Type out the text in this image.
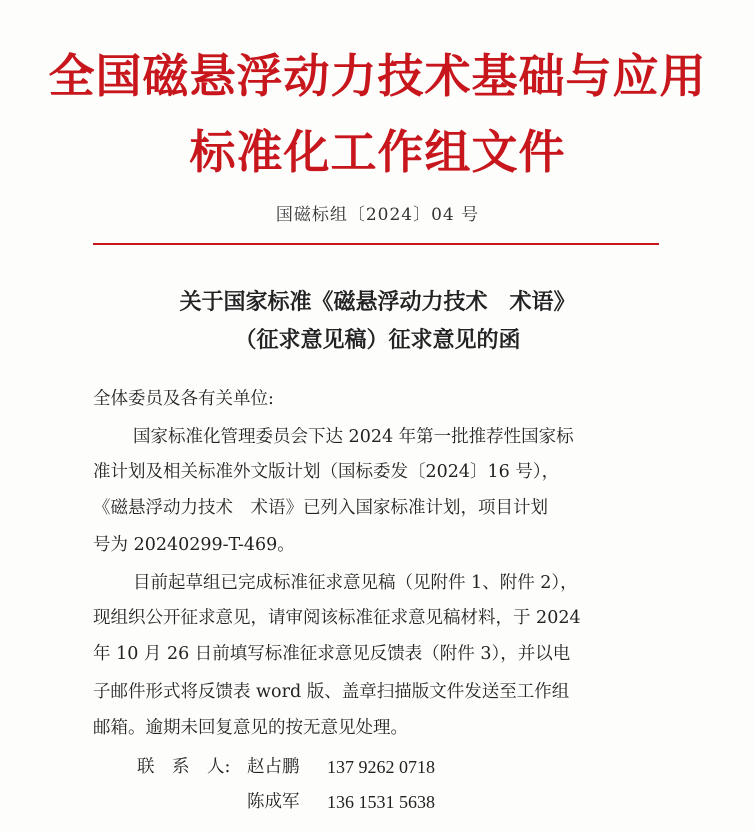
全国磁悬浮动力技术基础与应用
标准化工作组文件
国磁标组〔2024〕04 号
关于国家标准《磁悬浮动力技术　术语》
（征求意见稿）征求意见的函
全体委员及各有关单位:
国家标准化管理委员会下达 2024 年第一批推荐性国家标
准计划及相关标准外文版计划（国标委发〔2024〕16 号），
《磁悬浮动力技术　术语》已列入国家标准计划，项目计划
号为 20240299-T-469。
目前起草组已完成标准征求意见稿（见附件 1、附件 2），
现组织公开征求意见，请审阅该标准征求意见稿材料，于 2024
年 10 月 26 日前填写标准征求意见反馈表（附件 3），并以电
子邮件形式将反馈表 word 版、盖章扫描版文件发送至工作组
邮箱。逾期未回复意见的按无意见处理。
联　系　人: 赵占鹏 137 9262 0718
陈成军 136 1531 5638
